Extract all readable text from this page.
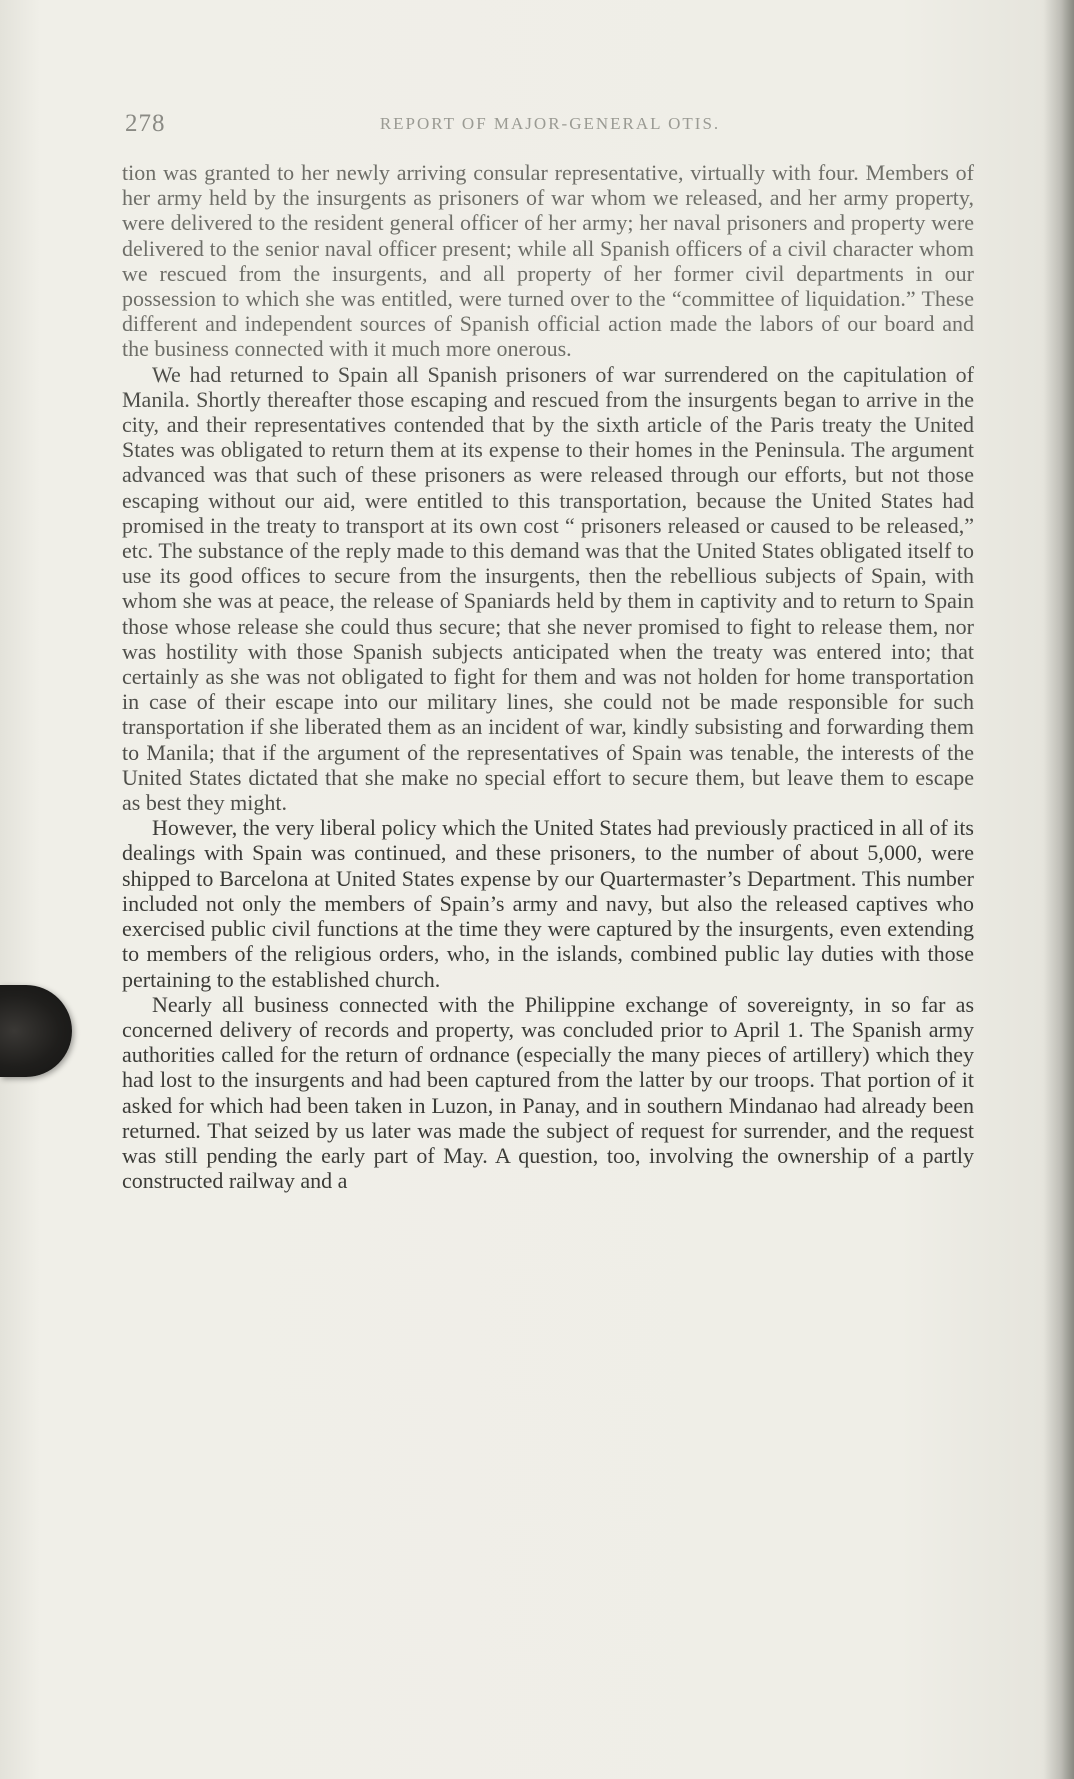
278	REPORT OF MAJOR-GENERAL OTIS.

tion was granted to her newly arriving consular representative, virtually with four. Members of her army held by the insurgents as prisoners of war whom we released, and her army property, were delivered to the resident general officer of her army; her naval prisoners and property were delivered to the senior naval officer present; while all Spanish officers of a civil character whom we rescued from the insurgents, and all property of her former civil departments in our possession to which she was entitled, were turned over to the “committee of liquidation.” These different and independent sources of Spanish official action made the labors of our board and the business connected with it much more onerous.

We had returned to Spain all Spanish prisoners of war surrendered on the capitulation of Manila. Shortly thereafter those escaping and rescued from the insurgents began to arrive in the city, and their representatives contended that by the sixth article of the Paris treaty the United States was obligated to return them at its expense to their homes in the Peninsula. The argument advanced was that such of these prisoners as were released through our efforts, but not those escaping without our aid, were entitled to this transportation, because the United States had promised in the treaty to transport at its own cost “ prisoners released or caused to be released,” etc. The substance of the reply made to this demand was that the United States obligated itself to use its good offices to secure from the insurgents, then the rebellious subjects of Spain, with whom she was at peace, the release of Spaniards held by them in captivity and to return to Spain those whose release she could thus secure; that she never promised to fight to release them, nor was hostility with those Spanish subjects anticipated when the treaty was entered into; that certainly as she was not obligated to fight for them and was not holden for home transportation in case of their escape into our military lines, she could not be made responsible for such transportation if she liberated them as an incident of war, kindly subsisting and forwarding them to Manila; that if the argument of the representatives of Spain was tenable, the interests of the United States dictated that she make no special effort to secure them, but leave them to escape as best they might.

However, the very liberal policy which the United States had previously practiced in all of its dealings with Spain was continued, and these prisoners, to the number of about 5,000, were shipped to Barcelona at United States expense by our Quartermaster’s Department. This number included not only the members of Spain’s army and navy, but also the released captives who exercised public civil functions at the time they were captured by the insurgents, even extending to members of the religious orders, who, in the islands, combined public lay duties with those pertaining to the established church.

Nearly all business connected with the Philippine exchange of sovereignty, in so far as concerned delivery of records and property, was concluded prior to April 1. The Spanish army authorities called for the return of ordnance (especially the many pieces of artillery) which they had lost to the insurgents and had been captured from the latter by our troops. That portion of it asked for which had been taken in Luzon, in Panay, and in southern Mindanao had already been returned. That seized by us later was made the subject of request for surrender, and the request was still pending the early part of May. A question, too, involving the ownership of a partly constructed railway and a
